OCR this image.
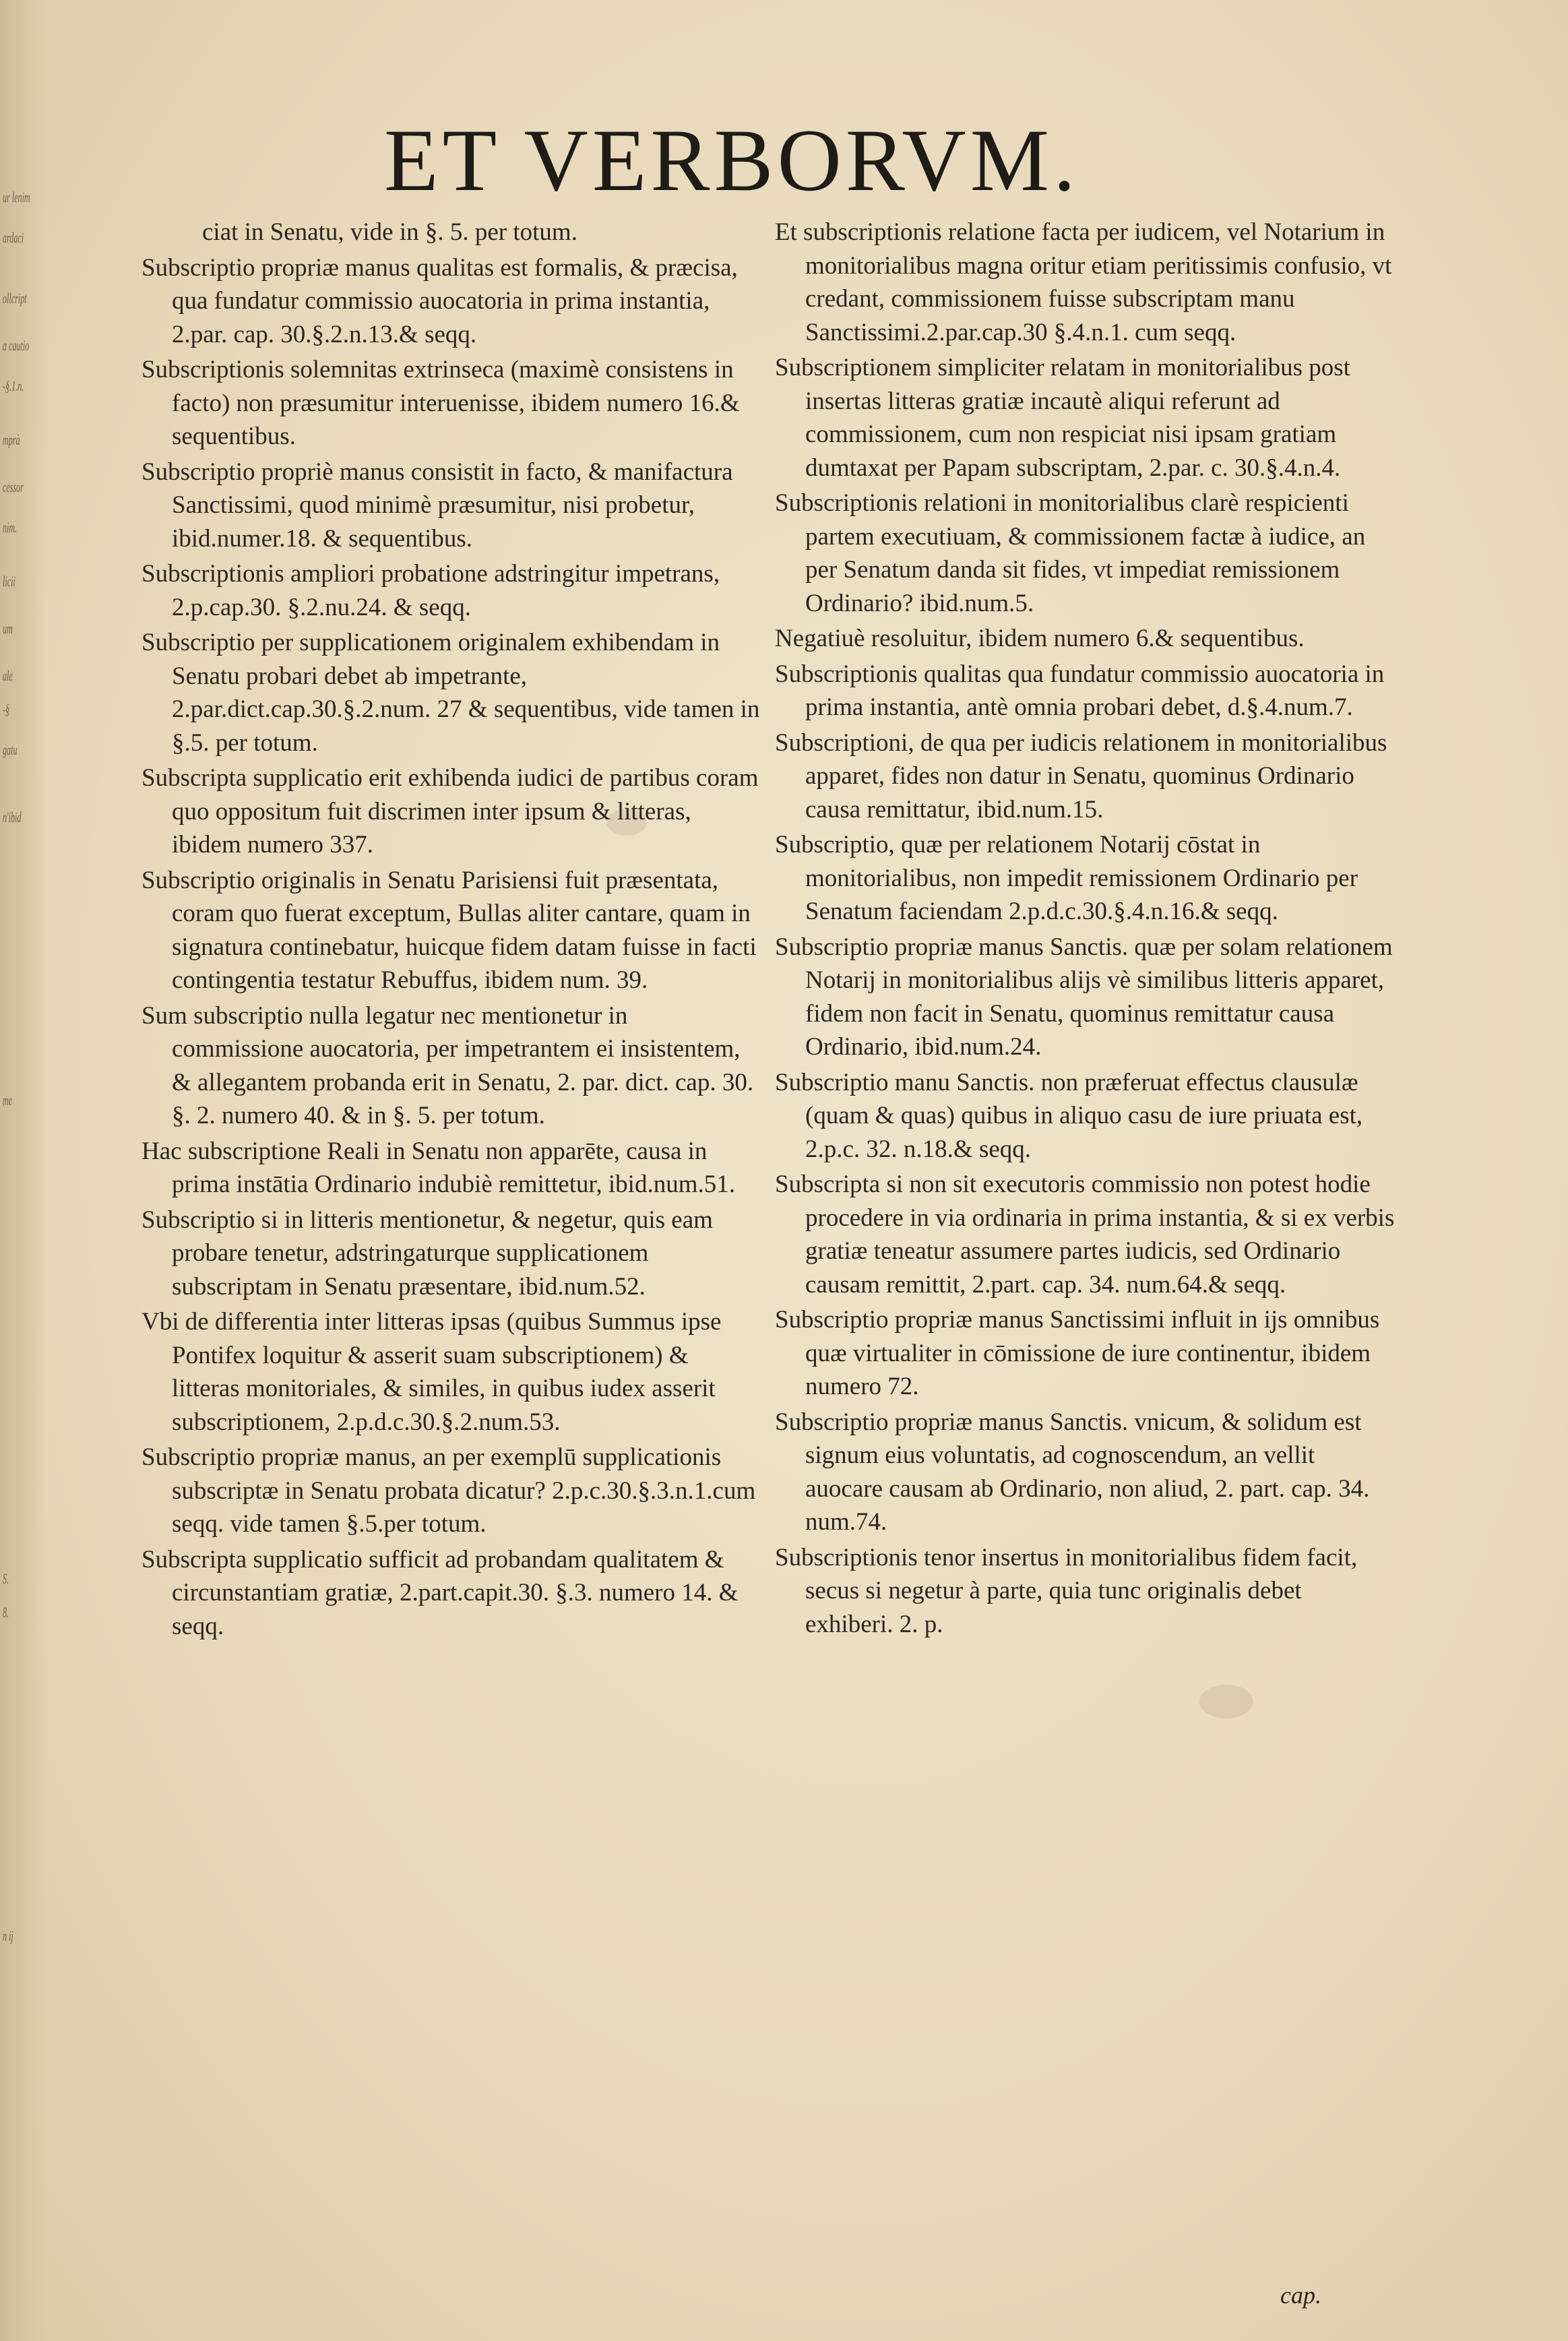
ur lenim
ardaci
ollcript
a cautio
-§.1.n.
mprà
cessor
nim.
licii
um
ale
-§
gatu
n'ibid
me
S.
8.
n ij
ET VERBORVM.
ciat in Senatu, vide in §. 5. per totum.
Subscriptio propriæ manus qualitas est formalis, & præcisa, qua fundatur commissio auocatoria in prima instantia, 2.par. cap. 30.§.2.n.13.& seqq.
Subscriptionis solemnitas extrinseca (maximè consistens in facto) non præsumitur interuenisse, ibidem numero 16.& sequentibus.
Subscriptio propriè manus consistit in facto, & manifactura Sanctissimi, quod minimè præsumitur, nisi probetur, ibid.numer.18. & sequentibus.
Subscriptionis ampliori probatione adstringitur impetrans, 2.p.cap.30. §.2.nu.24. & seqq.
Subscriptio per supplicationem originalem exhibendam in Senatu probari debet ab impetrante, 2.par.dict.cap.30.§.2.num. 27 & sequentibus, vide tamen in §.5. per totum.
Subscripta supplicatio erit exhibenda iudici de partibus coram quo oppositum fuit discrimen inter ipsum & litteras, ibidem numero 337.
Subscriptio originalis in Senatu Parisiensi fuit præsentata, coram quo fuerat exceptum, Bullas aliter cantare, quam in signatura continebatur, huicque fidem datam fuisse in facti contingentia testatur Rebuffus, ibidem num. 39.
Sum subscriptio nulla legatur nec mentionetur in commissione auocatoria, per impetrantem ei insistentem, & allegantem probanda erit in Senatu, 2. par. dict. cap. 30. §. 2. numero 40. & in §. 5. per totum.
Hac subscriptione Reali in Senatu non apparēte, causa in prima instātia Ordinario indubiè remittetur, ibid.num.51.
Subscriptio si in litteris mentionetur, & negetur, quis eam probare tenetur, adstringaturque supplicationem subscriptam in Senatu præsentare, ibid.num.52.
Vbi de differentia inter litteras ipsas (quibus Summus ipse Pontifex loquitur & asserit suam subscriptionem) & litteras monitoriales, & similes, in quibus iudex asserit subscriptionem, 2.p.d.c.30.§.2.num.53.
Subscriptio propriæ manus, an per exemplū supplicationis subscriptæ in Senatu probata dicatur? 2.p.c.30.§.3.n.1.cum seqq. vide tamen §.5.per totum.
Subscripta supplicatio sufficit ad probandam qualitatem & circunstantiam gratiæ, 2.part.capit.30. §.3. numero 14. & seqq.
Et subscriptionis relatione facta per iudicem, vel Notarium in monitorialibus magna oritur etiam peritissimis confusio, vt credant, commissionem fuisse subscriptam manu Sanctissimi.2.par.cap.30 §.4.n.1. cum seqq.
Subscriptionem simpliciter relatam in monitorialibus post insertas litteras gratiæ incautè aliqui referunt ad commissionem, cum non respiciat nisi ipsam gratiam dumtaxat per Papam subscriptam, 2.par. c. 30.§.4.n.4.
Subscriptionis relationi in monitorialibus clarè respicienti partem executiuam, & commissionem factæ à iudice, an per Senatum danda sit fides, vt impediat remissionem Ordinario? ibid.num.5.
Negatiuè resoluitur, ibidem numero 6.& sequentibus.
Subscriptionis qualitas qua fundatur commissio auocatoria in prima instantia, antè omnia probari debet, d.§.4.num.7.
Subscriptioni, de qua per iudicis relationem in monitorialibus apparet, fides non datur in Senatu, quominus Ordinario causa remittatur, ibid.num.15.
Subscriptio, quæ per relationem Notarij cōstat in monitorialibus, non impedit remissionem Ordinario per Senatum faciendam 2.p.d.c.30.§.4.n.16.& seqq.
Subscriptio propriæ manus Sanctis. quæ per solam relationem Notarij in monitorialibus alijs vè similibus litteris apparet, fidem non facit in Senatu, quominus remittatur causa Ordinario, ibid.num.24.
Subscriptio manu Sanctis. non præferuat effectus clausulæ (quam & quas) quibus in aliquo casu de iure priuata est, 2.p.c. 32. n.18.& seqq.
Subscripta si non sit executoris commissio non potest hodie procedere in via ordinaria in prima instantia, & si ex verbis gratiæ teneatur assumere partes iudicis, sed Ordinario causam remittit, 2.part. cap. 34. num.64.& seqq.
Subscriptio propriæ manus Sanctissimi influit in ijs omnibus quæ virtualiter in cōmissione de iure continentur, ibidem numero 72.
Subscriptio propriæ manus Sanctis. vnicum, & solidum est signum eius voluntatis, ad cognoscendum, an vellit auocare causam ab Ordinario, non aliud, 2. part. cap. 34. num.74.
Subscriptionis tenor insertus in monitorialibus fidem facit, secus si negetur à parte, quia tunc originalis debet exhiberi. 2. p.
cap.
